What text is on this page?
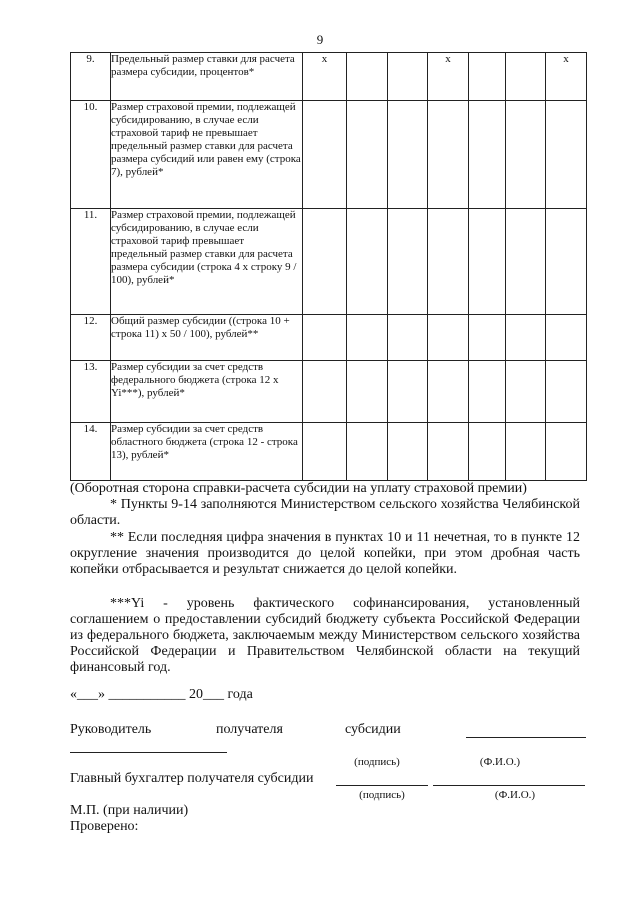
9
9.	Предельный размер ставки для расчета размера субсидии, процентов*	x			x			x
10.	Размер страховой премии, подлежащей субсидированию, в случае если страховой тариф не превышает предельный размер ставки для расчета размера субсидий или равен ему (строка 7), рублей*							
11.	Размер страховой премии, подлежащей субсидированию, в случае если страховой тариф превышает предельный размер ставки для расчета размера субсидии (строка 4 х строку 9 / 100), рублей*							
12.	Общий размер субсидии ((строка 10 + строка 11) х 50 / 100), рублей**							
13.	Размер субсидии за счет средств федерального бюджета (строка 12 х Yi***), рублей*							
14.	Размер субсидии за счет средств областного бюджета (строка 12 - строка 13), рублей*							
(Оборотная сторона справки-расчета субсидии на уплату страховой премии)
* Пункты 9-14 заполняются Министерством сельского хозяйства Челябинской области.
** Если последняя цифра значения в пунктах 10 и 11 нечетная, то в пункте 12 округление значения производится до целой копейки, при этом дробная часть копейки отбрасывается и результат снижается до целой копейки.
***Yi - уровень фактического софинансирования, установленный соглашением о предоставлении субсидий бюджету субъекта Российской Федерации из федерального бюджета, заключаемым между Министерством сельского хозяйства Российской Федерации и Правительством Челябинской области на текущий финансовый год.
«___» ___________ 20___ года
Руководитель	получателя	субсидии
(подпись)	(Ф.И.О.)
Главный бухгалтер получателя субсидии
(подпись)	(Ф.И.О.)
М.П. (при наличии)
Проверено:
